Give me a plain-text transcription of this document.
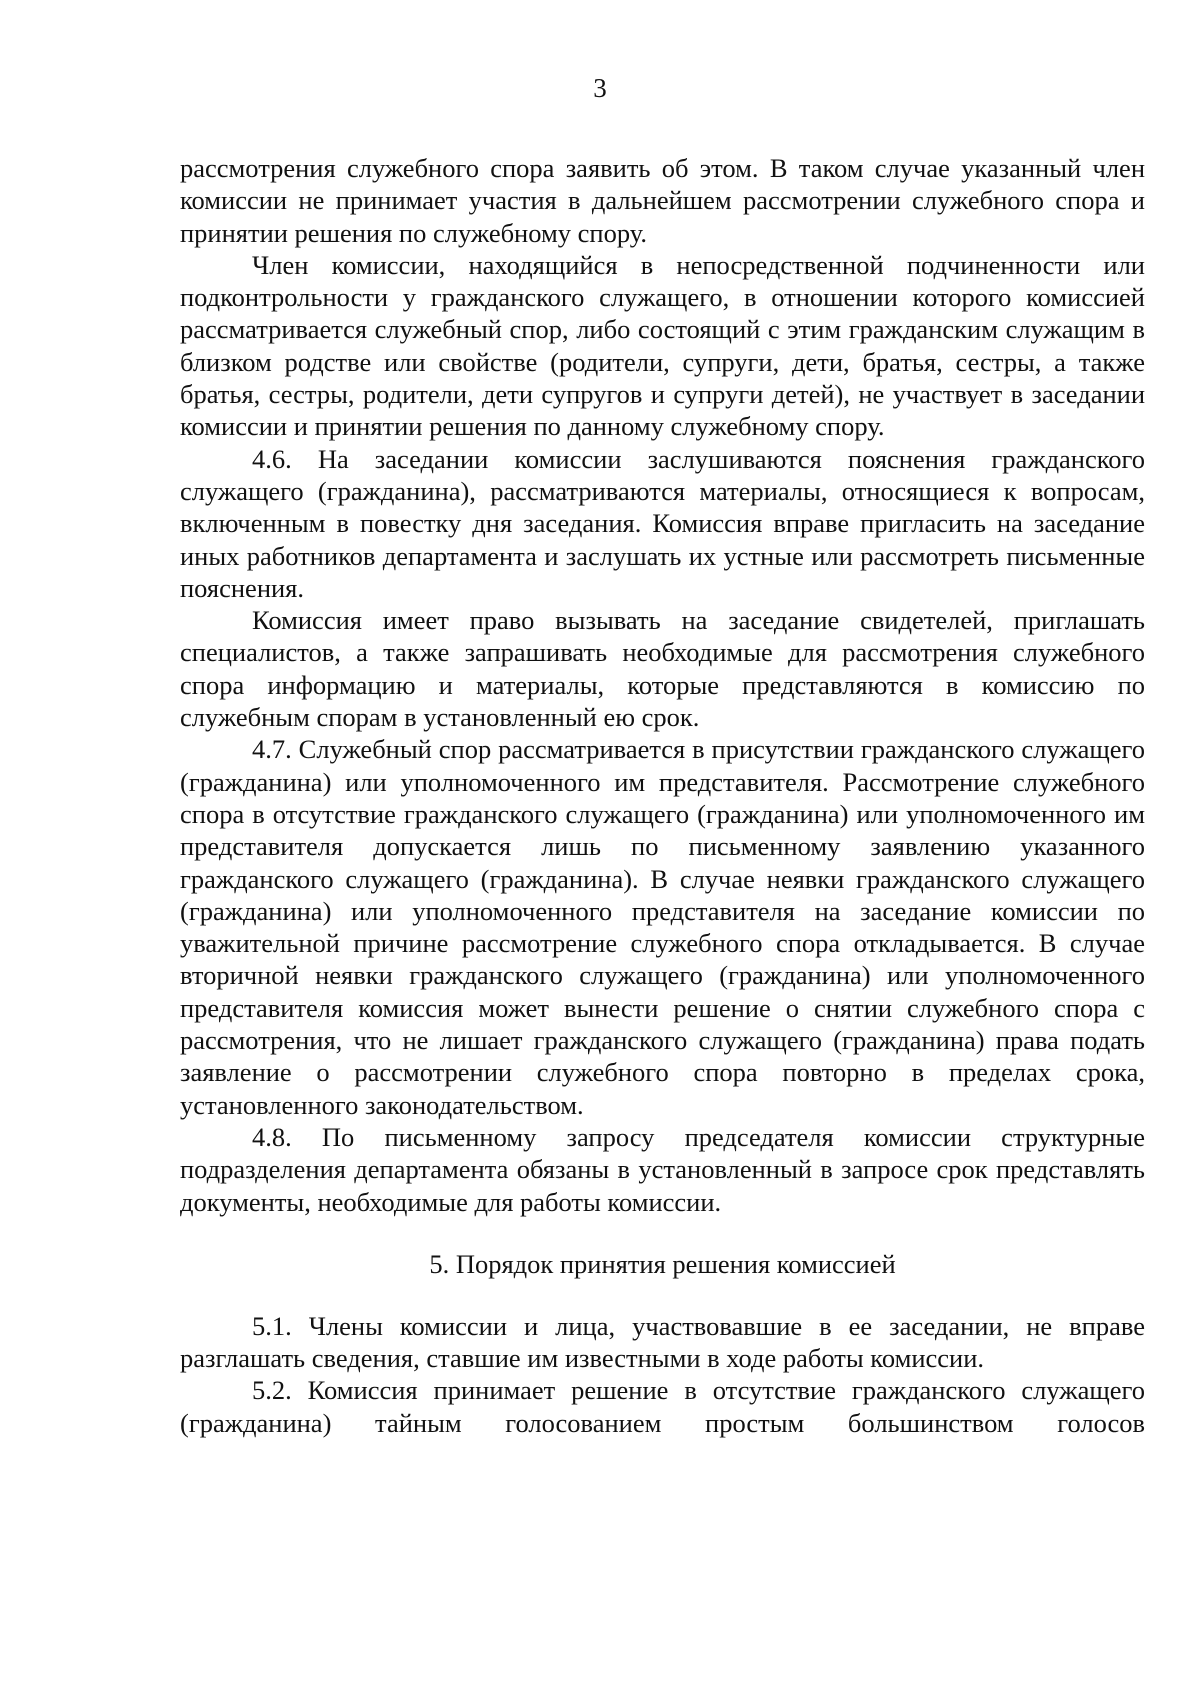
3

рассмотрения служебного спора заявить об этом. В таком случае указанный член комиссии не принимает участия в дальнейшем рассмотрении служебного спора и принятии решения по служебному спору.

Член комиссии, находящийся в непосредственной подчиненности или подконтрольности у гражданского служащего, в отношении которого комиссией рассматривается служебный спор, либо состоящий с этим гражданским служащим в близком родстве или свойстве (родители, супруги, дети, братья, сестры, а также братья, сестры, родители, дети супругов и супруги детей), не участвует в заседании комиссии и принятии решения по данному служебному спору.

4.6. На заседании комиссии заслушиваются пояснения гражданского служащего (гражданина), рассматриваются материалы, относящиеся к вопросам, включенным в повестку дня заседания. Комиссия вправе пригласить на заседание иных работников департамента и заслушать их устные или рассмотреть письменные пояснения.

Комиссия имеет право вызывать на заседание свидетелей, приглашать специалистов, а также запрашивать необходимые для рассмотрения служебного спора информацию и материалы, которые представляются в комиссию по служебным спорам в установленный ею срок.

4.7. Служебный спор рассматривается в присутствии гражданского служащего (гражданина) или уполномоченного им представителя. Рассмотрение служебного спора в отсутствие гражданского служащего (гражданина) или уполномоченного им представителя допускается лишь по письменному заявлению указанного гражданского служащего (гражданина). В случае неявки гражданского служащего (гражданина) или уполномоченного представителя на заседание комиссии по уважительной причине рассмотрение служебного спора откладывается. В случае вторичной неявки гражданского служащего (гражданина) или уполномоченного представителя комиссия может вынести решение о снятии служебного спора с рассмотрения, что не лишает гражданского служащего (гражданина) права подать заявление о рассмотрении служебного спора повторно в пределах срока, установленного законодательством.

4.8. По письменному запросу председателя комиссии структурные подразделения департамента обязаны в установленный в запросе срок представлять документы, необходимые для работы комиссии.

5. Порядок принятия решения комиссией

5.1. Члены комиссии и лица, участвовавшие в ее заседании, не вправе разглашать сведения, ставшие им известными в ходе работы комиссии.

5.2. Комиссия принимает решение в отсутствие гражданского служащего (гражданина) тайным голосованием простым большинством голосов
